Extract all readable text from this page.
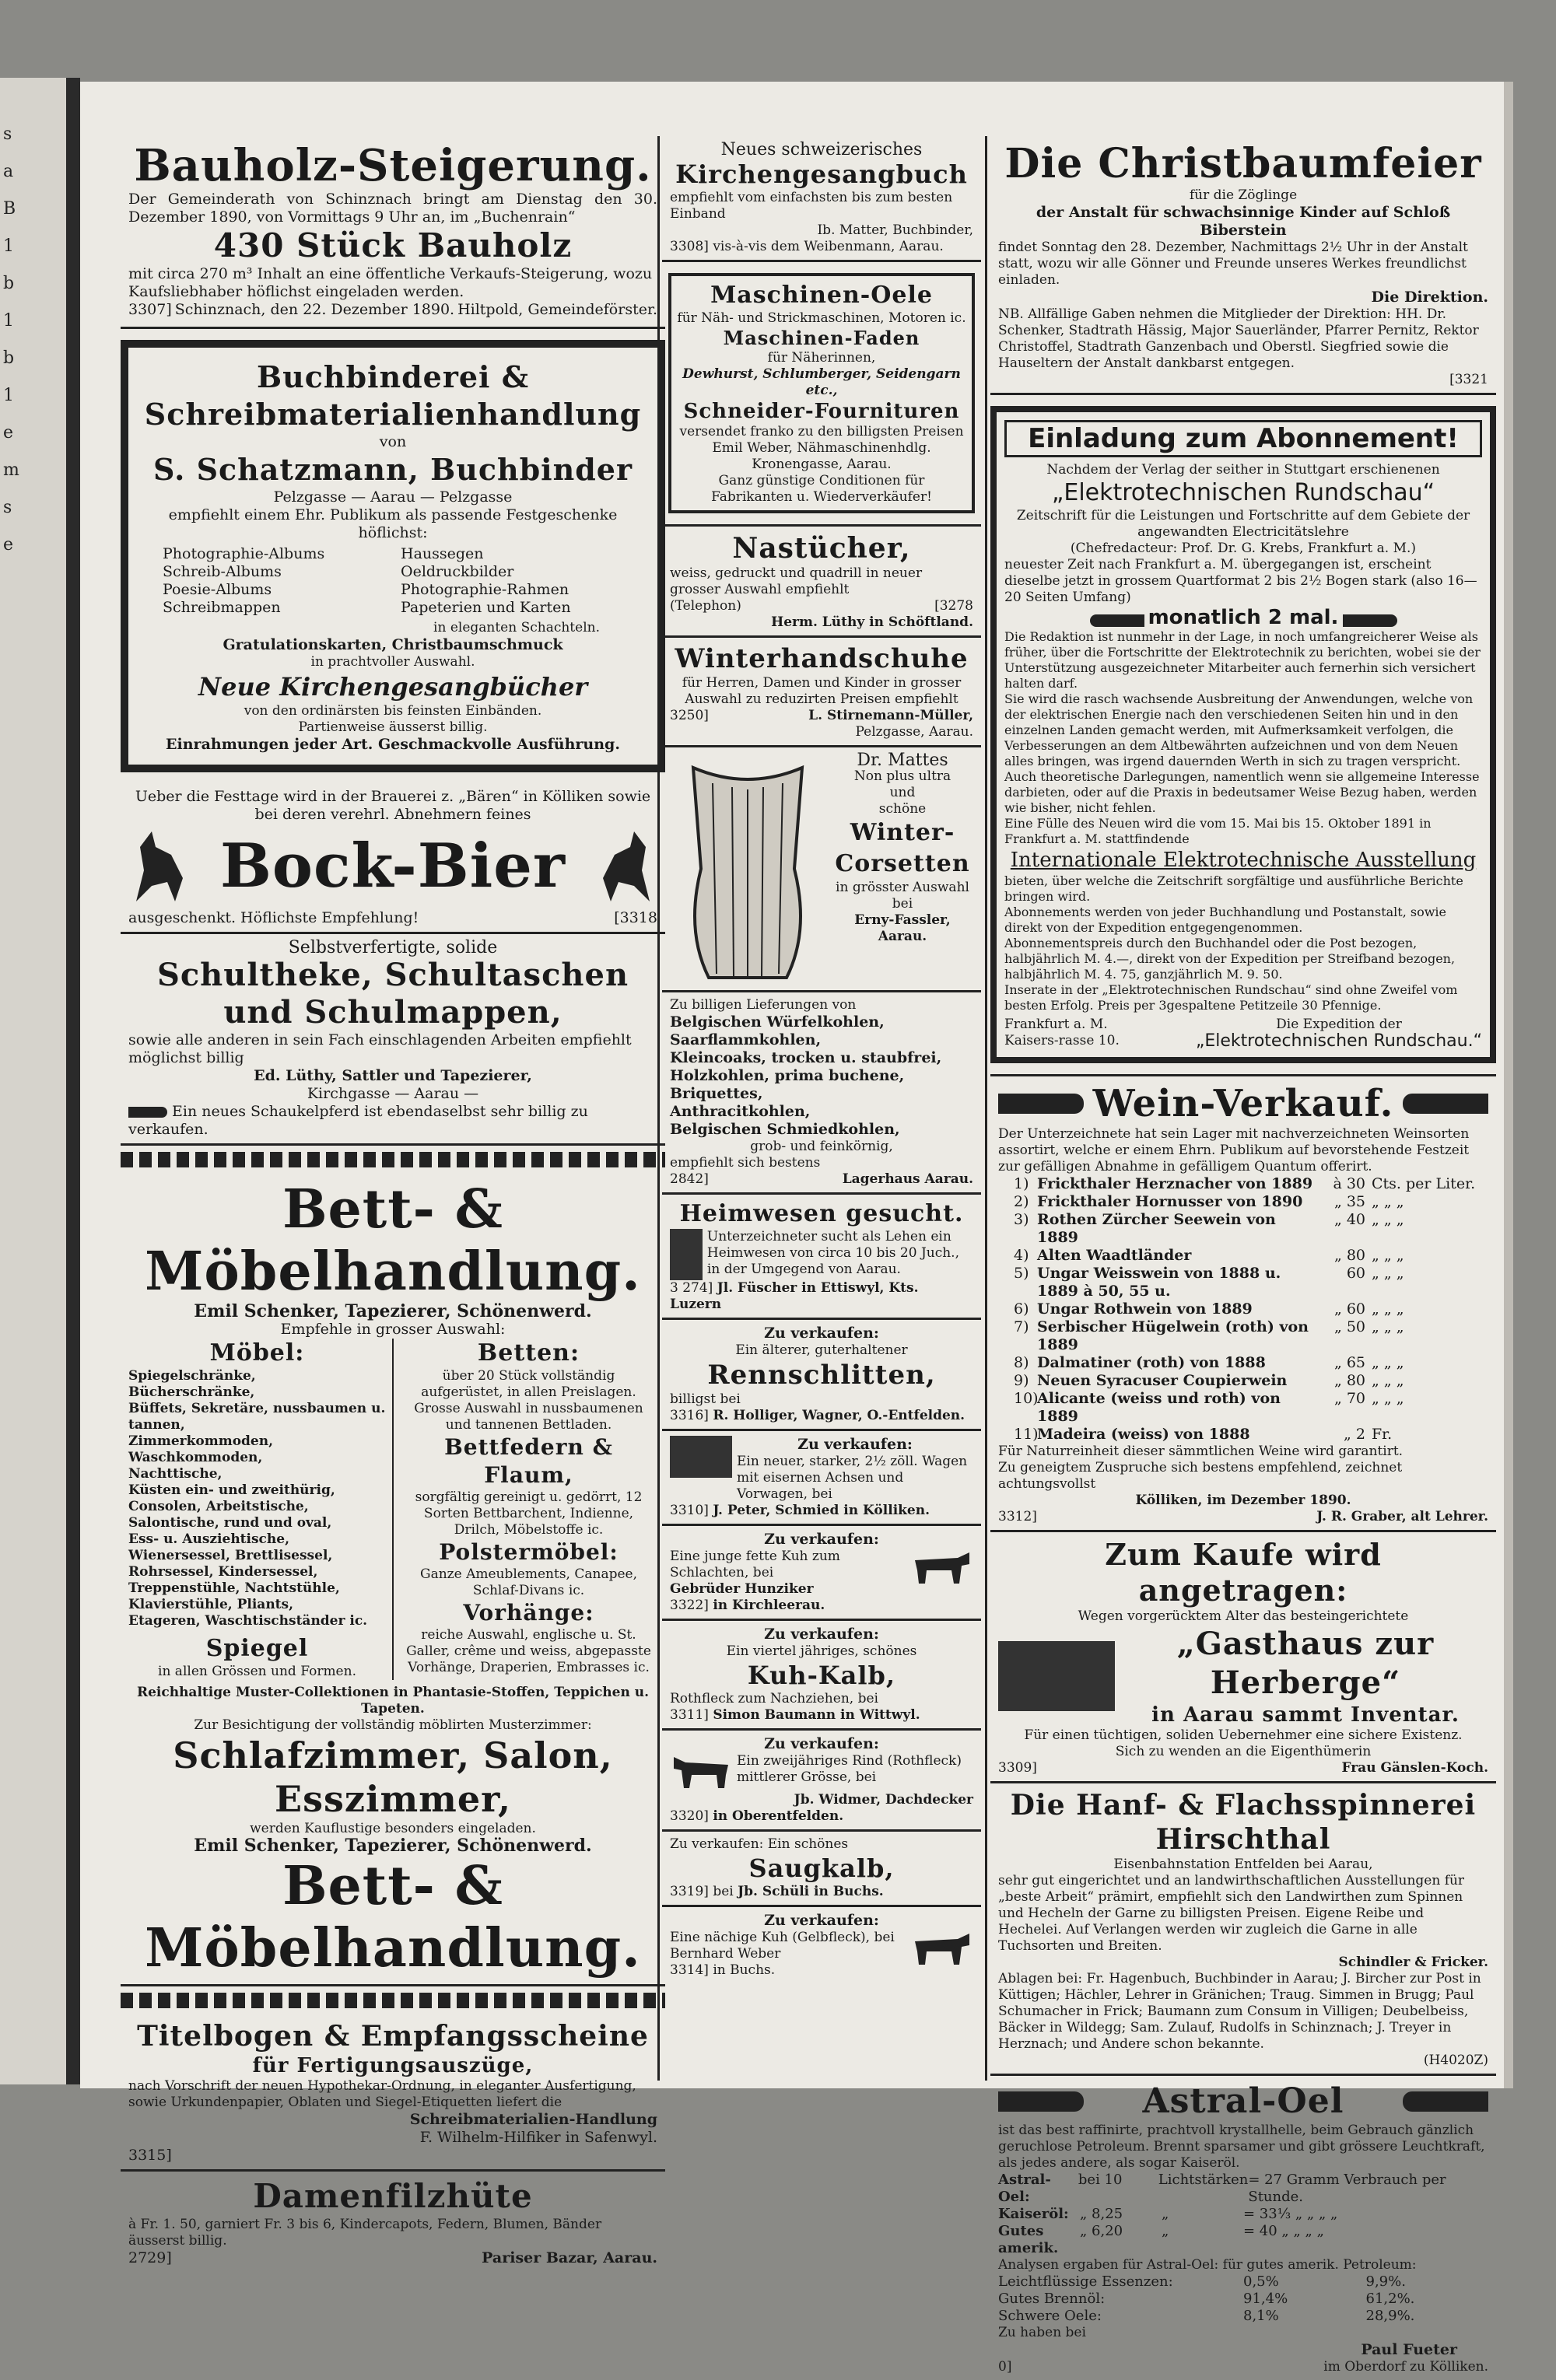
s
a
B
1
b
1
b
1
e
m
s
e
Bauholz-Steigerung.
Der Gemeinderath von Schinznach bringt am Dienstag den 30. Dezember 1890, von Vormittags 9 Uhr an, im „Buchenrain“
430 Stück Bauholz
mit circa 270 m³ Inhalt an eine öffentliche Verkaufs-Steigerung, wozu Kaufsliebhaber höflichst eingeladen werden.
3307] Schinznach, den 22. Dezember 1890. Hiltpold, Gemeindeförster.
Buchbinderei & Schreibmaterialienhandlung
von
S. Schatzmann, Buchbinder
Pelzgasse — Aarau — Pelzgasse
empfiehlt einem Ehr. Publikum als passende Festgeschenke höflichst:
Photographie-Albums
Schreib-Albums
Poesie-Albums
Schreibmappen
Haussegen
Oeldruckbilder
Photographie-Rahmen
Papeterien und Karten
in eleganten Schachteln.
Gratulationskarten, Christbaumschmuck
in prachtvoller Auswahl.
Neue Kirchengesangbücher
von den ordinärsten bis feinsten Einbänden.
Partienweise äusserst billig.
Einrahmungen jeder Art. Geschmackvolle Ausführung.
Ueber die Festtage wird in der Brauerei z. „Bären“ in Kölliken sowie bei deren verehrl. Abnehmern feines
Bock-Bier
ausgeschenkt. Höflichste Empfehlung!	[3318
Selbstverfertigte, solide
Schultheke, Schultaschen
und Schulmappen,
sowie alle anderen in sein Fach einschlagenden Arbeiten empfiehlt möglichst billig
Ed. Lüthy, Sattler und Tapezierer,
Kirchgasse — Aarau —
Ein neues Schaukelpferd ist ebendaselbst sehr billig zu verkaufen.
Bett- & Möbelhandlung.
Emil Schenker, Tapezierer, Schönenwerd.
Empfehle in grosser Auswahl:
Möbel:
Spiegelschränke, Bücherschränke,
Büffets, Sekretäre, nussbaumen u. tannen,
Zimmerkommoden,
Waschkommoden,
Nachttische,
Küsten ein- und zweithürig,
Consolen, Arbeitstische,
Salontische, rund und oval,
Ess- u. Ausziehtische,
Wienersessel, Brettlisessel,
Rohrsessel, Kindersessel,
Treppenstühle, Nachtstühle,
Klavierstühle, Pliants,
Etageren, Waschtischständer ic.
Spiegel
in allen Grössen und Formen.
Betten:
über 20 Stück vollständig aufgerüstet, in allen Preislagen.
Grosse Auswahl in nussbaumenen und tannenen Bettladen.
Bettfedern & Flaum,
sorgfältig gereinigt u. gedörrt, 12 Sorten Bettbarchent, Indienne, Drilch, Möbelstoffe ic.
Polstermöbel:
Ganze Ameublements, Canapee, Schlaf-Divans ic.
Vorhänge:
reiche Auswahl, englische u. St. Galler, crême und weiss, abgepasste Vorhänge, Draperien, Embrasses ic.
Reichhaltige Muster-Collektionen in Phantasie-Stoffen, Teppichen u. Tapeten.
Zur Besichtigung der vollständig möblirten Musterzimmer:
Schlafzimmer, Salon, Esszimmer,
werden Kauflustige besonders eingeladen.
Emil Schenker, Tapezierer, Schönenwerd.
Bett- & Möbelhandlung.
Titelbogen & Empfangsscheine
für Fertigungsauszüge,
nach Vorschrift der neuen Hypothekar-Ordnung, in eleganter Ausfertigung, sowie Urkundenpapier, Oblaten und Siegel-Etiquetten liefert die
Schreibmaterialien-Handlung
F. Wilhelm-Hilfiker in Safenwyl.
3315]
Damenfilzhüte
à Fr. 1. 50, garniert Fr. 3 bis 6, Kindercapots, Federn, Blumen, Bänder äusserst billig.
2729]	Pariser Bazar, Aarau.
Neues schweizerisches
Kirchengesangbuch
empfiehlt vom einfachsten bis zum besten Einband
Ib. Matter, Buchbinder,
3308] vis-à-vis dem Weibenmann, Aarau.
Maschinen-Oele
für Näh- und Strickmaschinen, Motoren ic.
Maschinen-Faden
für Näherinnen,
Dewhurst, Schlumberger, Seidengarn etc.,
Schneider-Fournituren
versendet franko zu den billigsten Preisen
Emil Weber, Nähmaschinenhdlg.
Kronengasse, Aarau.
Ganz günstige Conditionen für Fabrikanten u. Wiederverkäufer!
Nastücher,
weiss, gedruckt und quadrill in neuer grosser Auswahl empfiehlt
(Telephon)	[3278
Herm. Lüthy in Schöftland.
Winterhandschuhe
für Herren, Damen und Kinder in grosser Auswahl zu reduzirten Preisen empfiehlt
3250]	L. Stirnemann-Müller,
Pelzgasse, Aarau.
Dr. Mattes
Non plus ultra
und
schöne
Winter-Corsetten
in grösster Auswahl bei
Erny-Fassler,
Aarau.
Zu billigen Lieferungen von
Belgischen Würfelkohlen,
Saarflammkohlen,
Kleincoaks, trocken u. staubfrei,
Holzkohlen, prima buchene,
Briquettes,
Anthracitkohlen,
Belgischen Schmiedkohlen,
grob- und feinkörnig,
empfiehlt sich bestens
2842]	Lagerhaus Aarau.
Heimwesen gesucht.
Unterzeichneter sucht als Lehen ein Heimwesen von circa 10 bis 20 Juch., in der Umgegend von Aarau.
3 274] Jl. Füscher in Ettiswyl, Kts. Luzern
Zu verkaufen:
Ein älterer, guterhaltener
Rennschlitten,
billigst bei
3316] R. Holliger, Wagner, O.-Entfelden.
Zu verkaufen:
Ein neuer, starker, 2½ zöll. Wagen mit eisernen Achsen und Vorwagen, bei
3310] J. Peter, Schmied in Kölliken.
Zu verkaufen:
Eine junge fette Kuh zum Schlachten, bei
Gebrüder Hunziker
3322] in Kirchleerau.
Zu verkaufen:
Ein viertel jähriges, schönes
Kuh-Kalb,
Rothfleck zum Nachziehen, bei
3311] Simon Baumann in Wittwyl.
Zu verkaufen:
Ein zweijähriges Rind (Rothfleck) mittlerer Grösse, bei
Jb. Widmer, Dachdecker
3320] in Oberentfelden.
Zu verkaufen: Ein schönes
Saugkalb,
3319] bei Jb. Schüli in Buchs.
Zu verkaufen:
Eine nächige Kuh (Gelbfleck), bei
Bernhard Weber
3314] in Buchs.
Die Christbaumfeier
für die Zöglinge
der Anstalt für schwachsinnige Kinder auf Schloß Biberstein
findet Sonntag den 28. Dezember, Nachmittags 2½ Uhr in der Anstalt statt, wozu wir alle Gönner und Freunde unseres Werkes freundlichst einladen.
Die Direktion.
NB. Allfällige Gaben nehmen die Mitglieder der Direktion: HH. Dr. Schenker, Stadtrath Hässig, Major Sauerländer, Pfarrer Pernitz, Rektor Christoffel, Stadtrath Ganzenbach und Oberstl. Siegfried sowie die Hauseltern der Anstalt dankbarst entgegen.
[3321
Einladung zum Abonnement!
Nachdem der Verlag der seither in Stuttgart erschienenen
„Elektrotechnischen Rundschau“
Zeitschrift für die Leistungen und Fortschritte auf dem Gebiete der angewandten Electricitätslehre
(Chefredacteur: Prof. Dr. G. Krebs, Frankfurt a. M.)
neuester Zeit nach Frankfurt a. M. übergegangen ist, erscheint dieselbe jetzt in grossem Quartformat 2 bis 2½ Bogen stark (also 16—20 Seiten Umfang)
monatlich 2 mal.
Die Redaktion ist nunmehr in der Lage, in noch umfangreicherer Weise als früher, über die Fortschritte der Elektrotechnik zu berichten, wobei sie der Unterstützung ausgezeichneter Mitarbeiter auch fernerhin sich versichert halten darf.
Sie wird die rasch wachsende Ausbreitung der Anwendungen, welche von der elektrischen Energie nach den verschiedenen Seiten hin und in den einzelnen Landen gemacht werden, mit Aufmerksamkeit verfolgen, die Verbesserungen an dem Altbewährten aufzeichnen und von dem Neuen alles bringen, was irgend dauernden Werth in sich zu tragen verspricht. Auch theoretische Darlegungen, namentlich wenn sie allgemeine Interesse darbieten, oder auf die Praxis in bedeutsamer Weise Bezug haben, werden wie bisher, nicht fehlen.
Eine Fülle des Neuen wird die vom 15. Mai bis 15. Oktober 1891 in Frankfurt a. M. stattfindende
Internationale Elektrotechnische Ausstellung
bieten, über welche die Zeitschrift sorgfältige und ausführliche Berichte bringen wird.
Abonnements werden von jeder Buchhandlung und Postanstalt, sowie direkt von der Expedition entgegengenommen.
Abonnementspreis durch den Buchhandel oder die Post bezogen, halbjährlich M. 4.—, direkt von der Expedition per Streifband bezogen, halbjährlich M. 4. 75, ganzjährlich M. 9. 50.
Inserate in der „Elektrotechnischen Rundschau“ sind ohne Zweifel vom besten Erfolg. Preis per 3gespaltene Petitzeile 30 Pfennige.
Frankfurt a. M.
Kaisers-rasse 10.
Die Expedition der
„Elektrotechnischen Rundschau.“
Wein-Verkauf.
Der Unterzeichnete hat sein Lager mit nachverzeichneten Weinsorten assortirt, welche er einem Ehrn. Publikum auf bevorstehende Festzeit zur gefälligen Abnahme in gefälligem Quantum offerirt.
1) Frickthaler Herznacher von 1889	à 30 Cts. per Liter.
2) Frickthaler Hornusser von 1890	„ 35 „ „ „
3) Rothen Zürcher Seewein von 1889
„ 40 „ „ „
4) Alten Waadtländer	„ 80 „ „ „
5) Ungar Weisswein von 1888 u. 1889 à 50, 55 u.
60 „ „ „
6) Ungar Rothwein von 1889	„ 60 „ „ „
7) Serbischer Hügelwein (roth) von 1889
„ 50 „ „ „
8) Dalmatiner (roth) von 1888	„ 65 „ „ „
9) Neuen Syracuser Coupierwein	„ 80 „ „ „
10)
Alicante (weiss und roth) von 1889
„ 70 „ „ „
11)
Madeira (weiss) von 1888	„ 2 Fr.
Für Naturreinheit dieser sämmtlichen Weine wird garantirt.
Zu geneigtem Zuspruche sich bestens empfehlend, zeichnet achtungsvollst
Kölliken, im Dezember 1890.
3312]	J. R. Graber, alt Lehrer.
Zum Kaufe wird angetragen:
Wegen vorgerücktem Alter das besteingerichtete
„Gasthaus zur Herberge“
in Aarau sammt Inventar.
Für einen tüchtigen, soliden Uebernehmer eine sichere Existenz.
Sich zu wenden an die Eigenthümerin
3309]	Frau Gänslen-Koch.
Die Hanf- & Flachsspinnerei Hirschthal
Eisenbahnstation Entfelden bei Aarau,
sehr gut eingerichtet und an landwirthschaftlichen Ausstellungen für „beste Arbeit“ prämirt, empfiehlt sich den Landwirthen zum Spinnen und Hecheln der Garne zu billigsten Preisen. Eigene Reibe und Hechelei. Auf Verlangen werden wir zugleich die Garne in alle Tuchsorten und Breiten.
Schindler & Fricker.
Ablagen bei: Fr. Hagenbuch, Buchbinder in Aarau; J. Bircher zur Post in Küttigen; Hächler, Lehrer in Gränichen; Traug. Simmen in Brugg; Paul Schumacher in Frick; Baumann zum Consum in Villigen; Deubelbeiss, Bäcker in Wildegg; Sam. Zulauf, Rudolfs in Schinznach; J. Treyer in Herznach; und Andere schon bekannte.
(H4020Z)
Astral-Oel
ist das best raffinirte, prachtvoll krystallhelle, beim Gebrauch gänzlich geruchlose Petroleum. Brennt sparsamer und gibt grössere Leuchtkraft, als jedes andere, als sogar Kaiseröl.
Astral-Oel:
bei 10	Lichtstärken = 27 Gramm Verbrauch per Stunde.
Kaiseröl: „ 8,25	„	= 33⅓ „ „ „ „
Gutes amerik.
„ 6,20	„	= 40 „ „ „ „
Analysen ergaben für Astral-Oel: für gutes amerik. Petroleum:
Leichtflüssige Essenzen:	0,5%	9,9%.
Gutes Brennöl:	91,4%	61,2%.
Schwere Oele:	8,1%	28,9%.
Zu haben bei
Paul Fueter
0]	im Oberdorf zu Kölliken.
